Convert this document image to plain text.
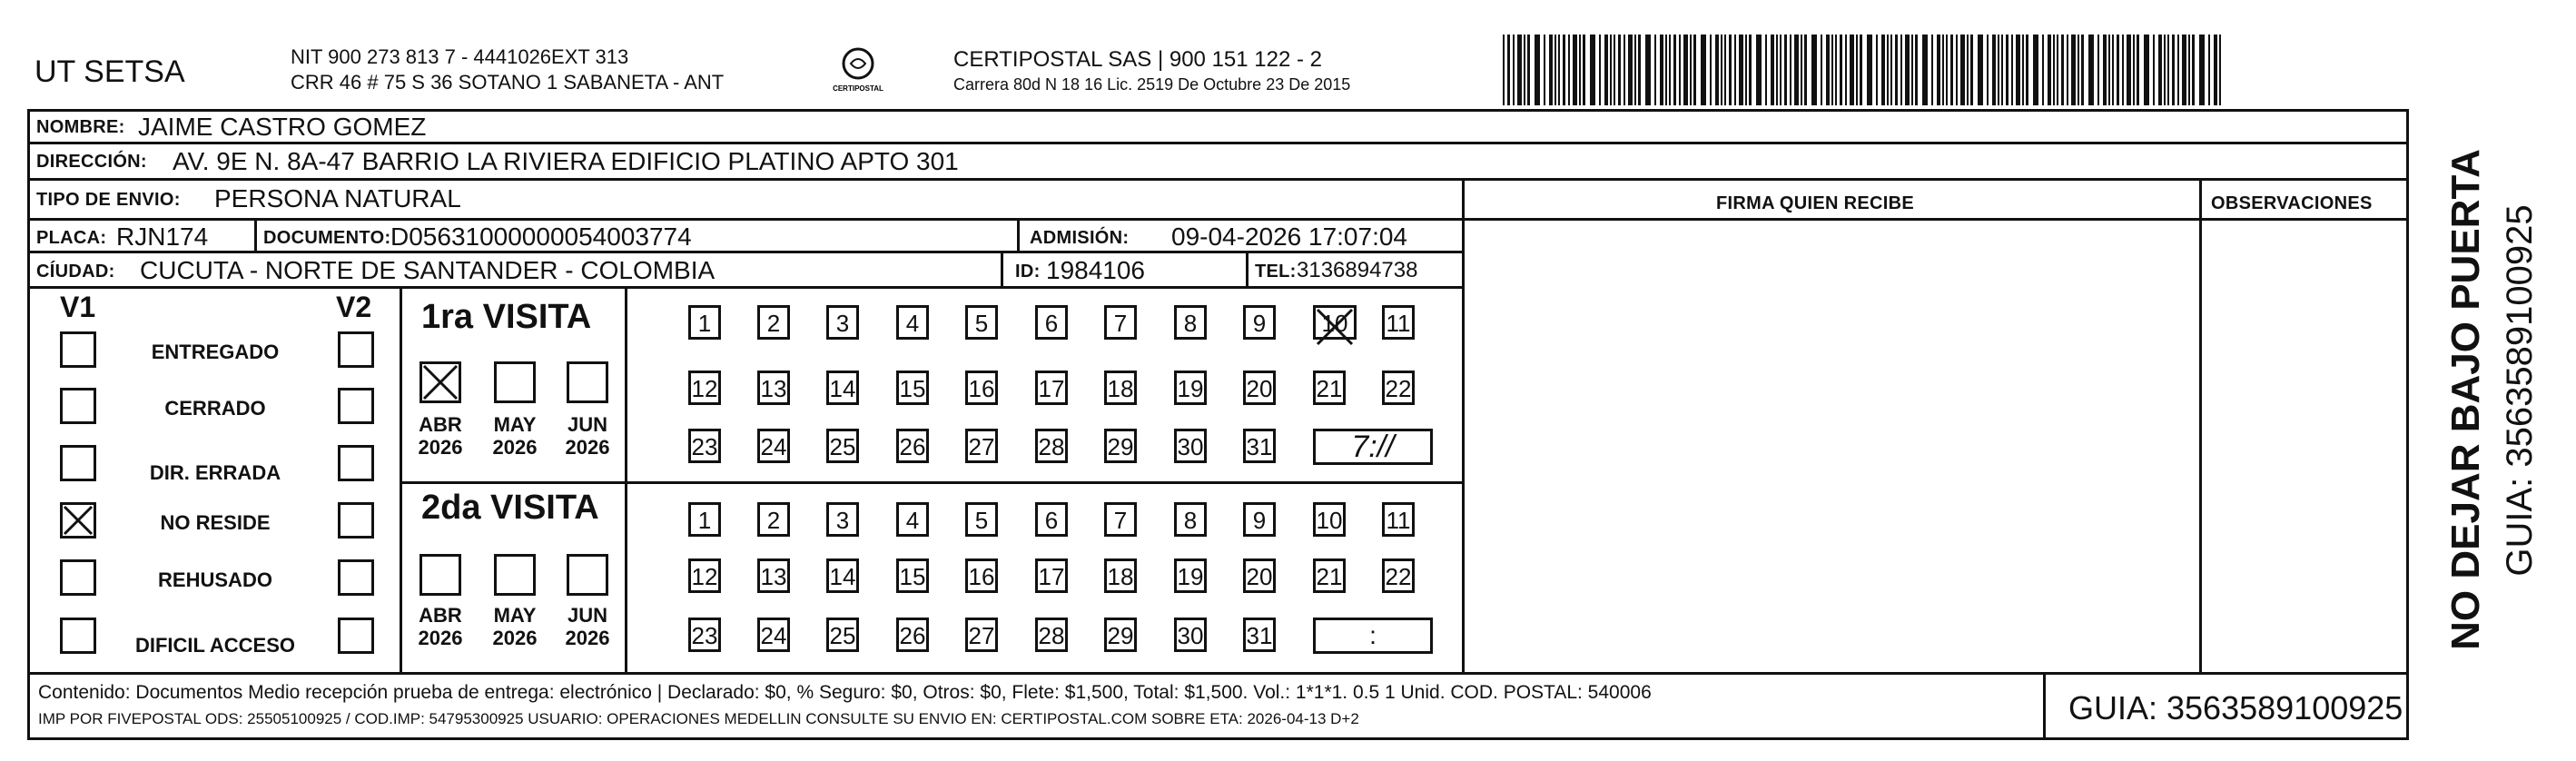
UT SETSA	NIT 900 273 813 7 - 4441026EXT 313
CRR 46 # 75 S 36 SOTANO 1 SABANETA - ANT	CERTIPOSTAL
CERTIPOSTAL SAS | 900 151 122 - 2
Carrera 80d N 18 16 Lic. 2519 De Octubre 23 De 2015
NOMBRE: JAIME CASTRO GOMEZ
DIRECCIÓN: AV. 9E N. 8A-47 BARRIO LA RIVIERA EDIFICIO PLATINO APTO 301
TIPO DE ENVIO: PERSONA NATURAL	FIRMA QUIEN RECIBE	OBSERVACIONES
PLACA: RJN174	DOCUMENTO: D05631000000054003774	ADMISIÓN: 09-04-2026 17:07:04
CÍUDAD: CUCUTA - NORTE DE SANTANDER - COLOMBIA	ID: 1984106	TEL: 3136894738
V1	V2
ENTREGADO
CERRADO
DIR. ERRADA
NO RESIDE
REHUSADO
DIFICIL ACCESO
1ra VISITA
ABR
2026
MAY
2026
JUN
2026
1	2	3	4	5	6	7	8	9	10	11
12 13 14 15 16 17 18 19 20 21 22
23 24 25 26 27 28 29 30 31	7://
2da VISITA
ABR
2026
MAY
2026
JUN
2026
1	2	3	4	5	6	7	8	9	10 11
12 13 14 15 16 17 18 19 20 21 22
23 24 25 26 27 28 29 30 31	:
Contenido: Documentos Medio recepción prueba de entrega: electrónico | Declarado: $0, % Seguro: $0, Otros: $0, Flete: $1,500, Total: $1,500. Vol.: 1*1*1. 0.5 1 Unid. COD. POSTAL: 540006
IMP POR FIVEPOSTAL ODS: 25505100925 / COD.IMP: 54795300925 USUARIO: OPERACIONES MEDELLIN CONSULTE SU ENVIO EN: CERTIPOSTAL.COM SOBRE ETA: 2026-04-13 D+2	GUIA: 3563589100925
NO DEJAR BAJO PUERTA GUIA: 3563589100925
